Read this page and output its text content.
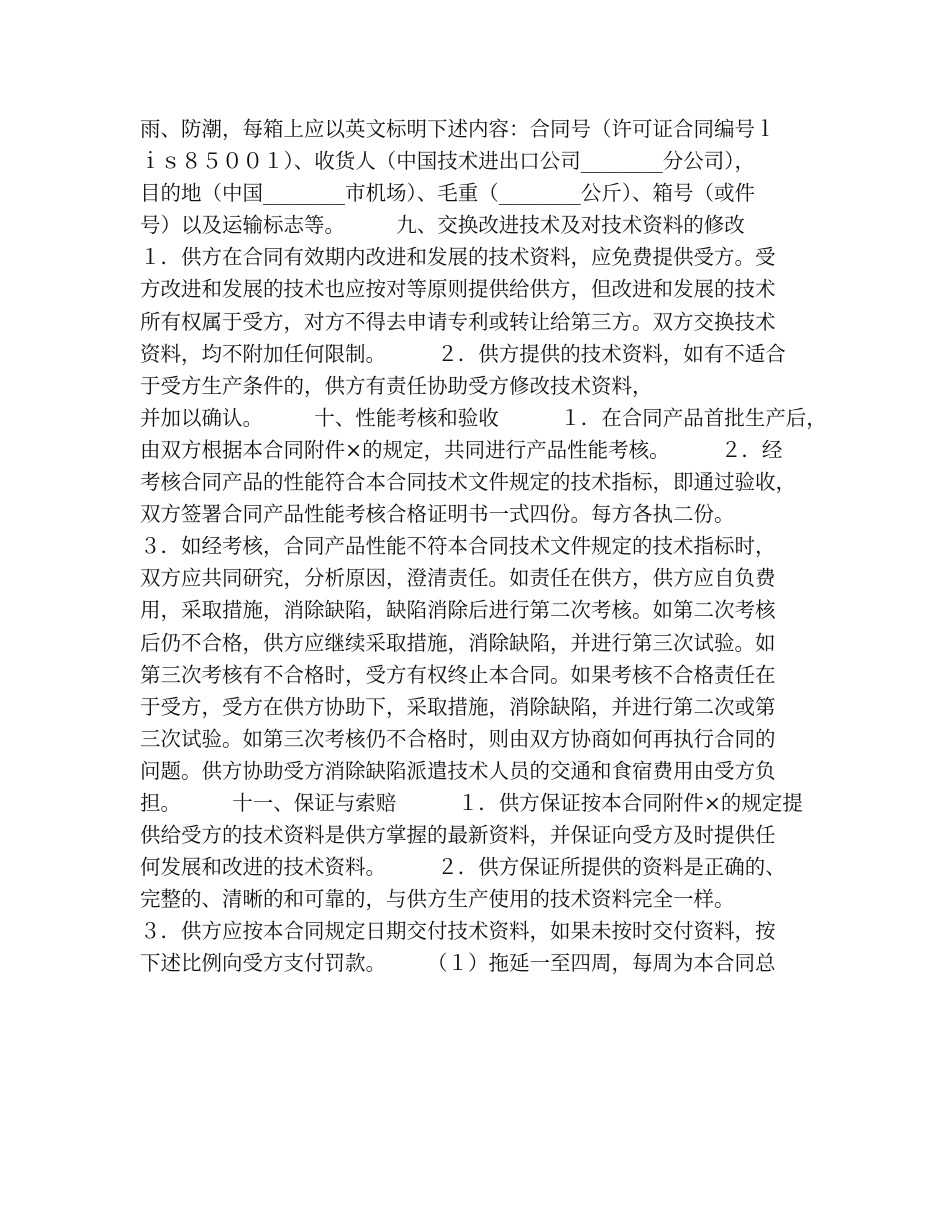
雨、防潮，每箱上应以英文标明下述内容：合同号（许可证合同编号ｌ
ｉｓ８５００１）、收货人（中国技术进出口公司________分公司），
目的地（中国________市机场）、毛重（________公斤）、箱号（或件
号）以及运输标志等。　　　九、交换改进技术及对技术资料的修改
１．供方在合同有效期内改进和发展的技术资料，应免费提供受方。受
方改进和发展的技术也应按对等原则提供给供方，但改进和发展的技术
所有权属于受方，对方不得去申请专利或转让给第三方。双方交换技术
资料，均不附加任何限制。　　　２．供方提供的技术资料，如有不适合
于受方生产条件的，供方有责任协助受方修改技术资料，
并加以确认。　　　十、性能考核和验收　　　１．在合同产品首批生产后，
由双方根据本合同附件×的规定，共同进行产品性能考核。　　　２．经
考核合同产品的性能符合本合同技术文件规定的技术指标，即通过验收，
双方签署合同产品性能考核合格证明书一式四份。每方各执二份。
３．如经考核，合同产品性能不符本合同技术文件规定的技术指标时，
双方应共同研究，分析原因，澄清责任。如责任在供方，供方应自负费
用，采取措施，消除缺陷，缺陷消除后进行第二次考核。如第二次考核
后仍不合格，供方应继续采取措施，消除缺陷，并进行第三次试验。如
第三次考核有不合格时，受方有权终止本合同。如果考核不合格责任在
于受方，受方在供方协助下，采取措施，消除缺陷，并进行第二次或第
三次试验。如第三次考核仍不合格时，则由双方协商如何再执行合同的
问题。供方协助受方消除缺陷派遣技术人员的交通和食宿费用由受方负
担。　　　十一、保证与索赔　　　１．供方保证按本合同附件×的规定提
供给受方的技术资料是供方掌握的最新资料，并保证向受方及时提供任
何发展和改进的技术资料。　　　２．供方保证所提供的资料是正确的、
完整的、清晰的和可靠的，与供方生产使用的技术资料完全一样。
３．供方应按本合同规定日期交付技术资料，如果未按时交付资料，按
下述比例向受方支付罚款。　　　（１）拖延一至四周，每周为本合同总
